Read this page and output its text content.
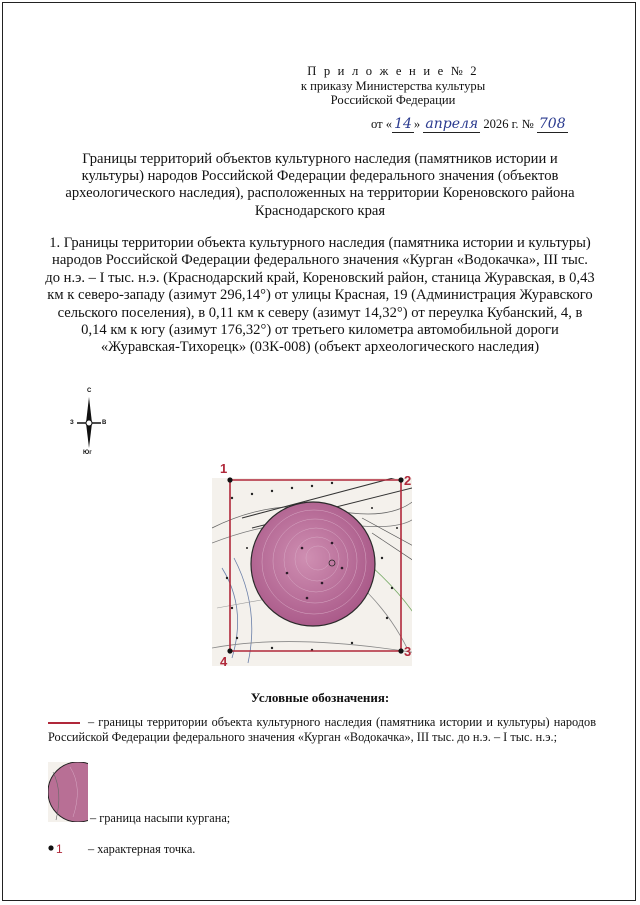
П р и л о ж е н и е № 2
к приказу Министерства культуры
Российской Федерации
от « 14 » апреля 2026 г. № 708
Границы территорий объектов культурного наследия (памятников истории и культуры) народов Российской Федерации федерального значения (объектов археологического наследия), расположенных на территории Кореновского района Краснодарского края
1. Границы территории объекта культурного наследия (памятника истории и культуры) народов Российской Федерации федерального значения «Курган «Водокачка», III тыс. до н.э. – I тыс. н.э. (Краснодарский край, Кореновский район, станица Журавская, в 0,43 км к северо-западу (азимут 296,14°) от улицы Красная, 19 (Администрация Журавского сельского поселения), в 0,11 км к северу (азимут 14,32°) от переулка Кубанский, 4, в 0,14 км к югу (азимут 176,32°) от третьего километра автомобильной дороги «Журавская-Тихорецк» (03К-008) (объект археологического наследия)
С
З	В
Юг
1
2
3
4
Условные обозначения:
– границы территории объекта культурного наследия (памятника истории и культуры) народов Российской Федерации федерального значения «Курган «Водокачка», III тыс. до н.э. – I тыс. н.э.;
– граница насыпи кургана;
1 – характерная точка.
